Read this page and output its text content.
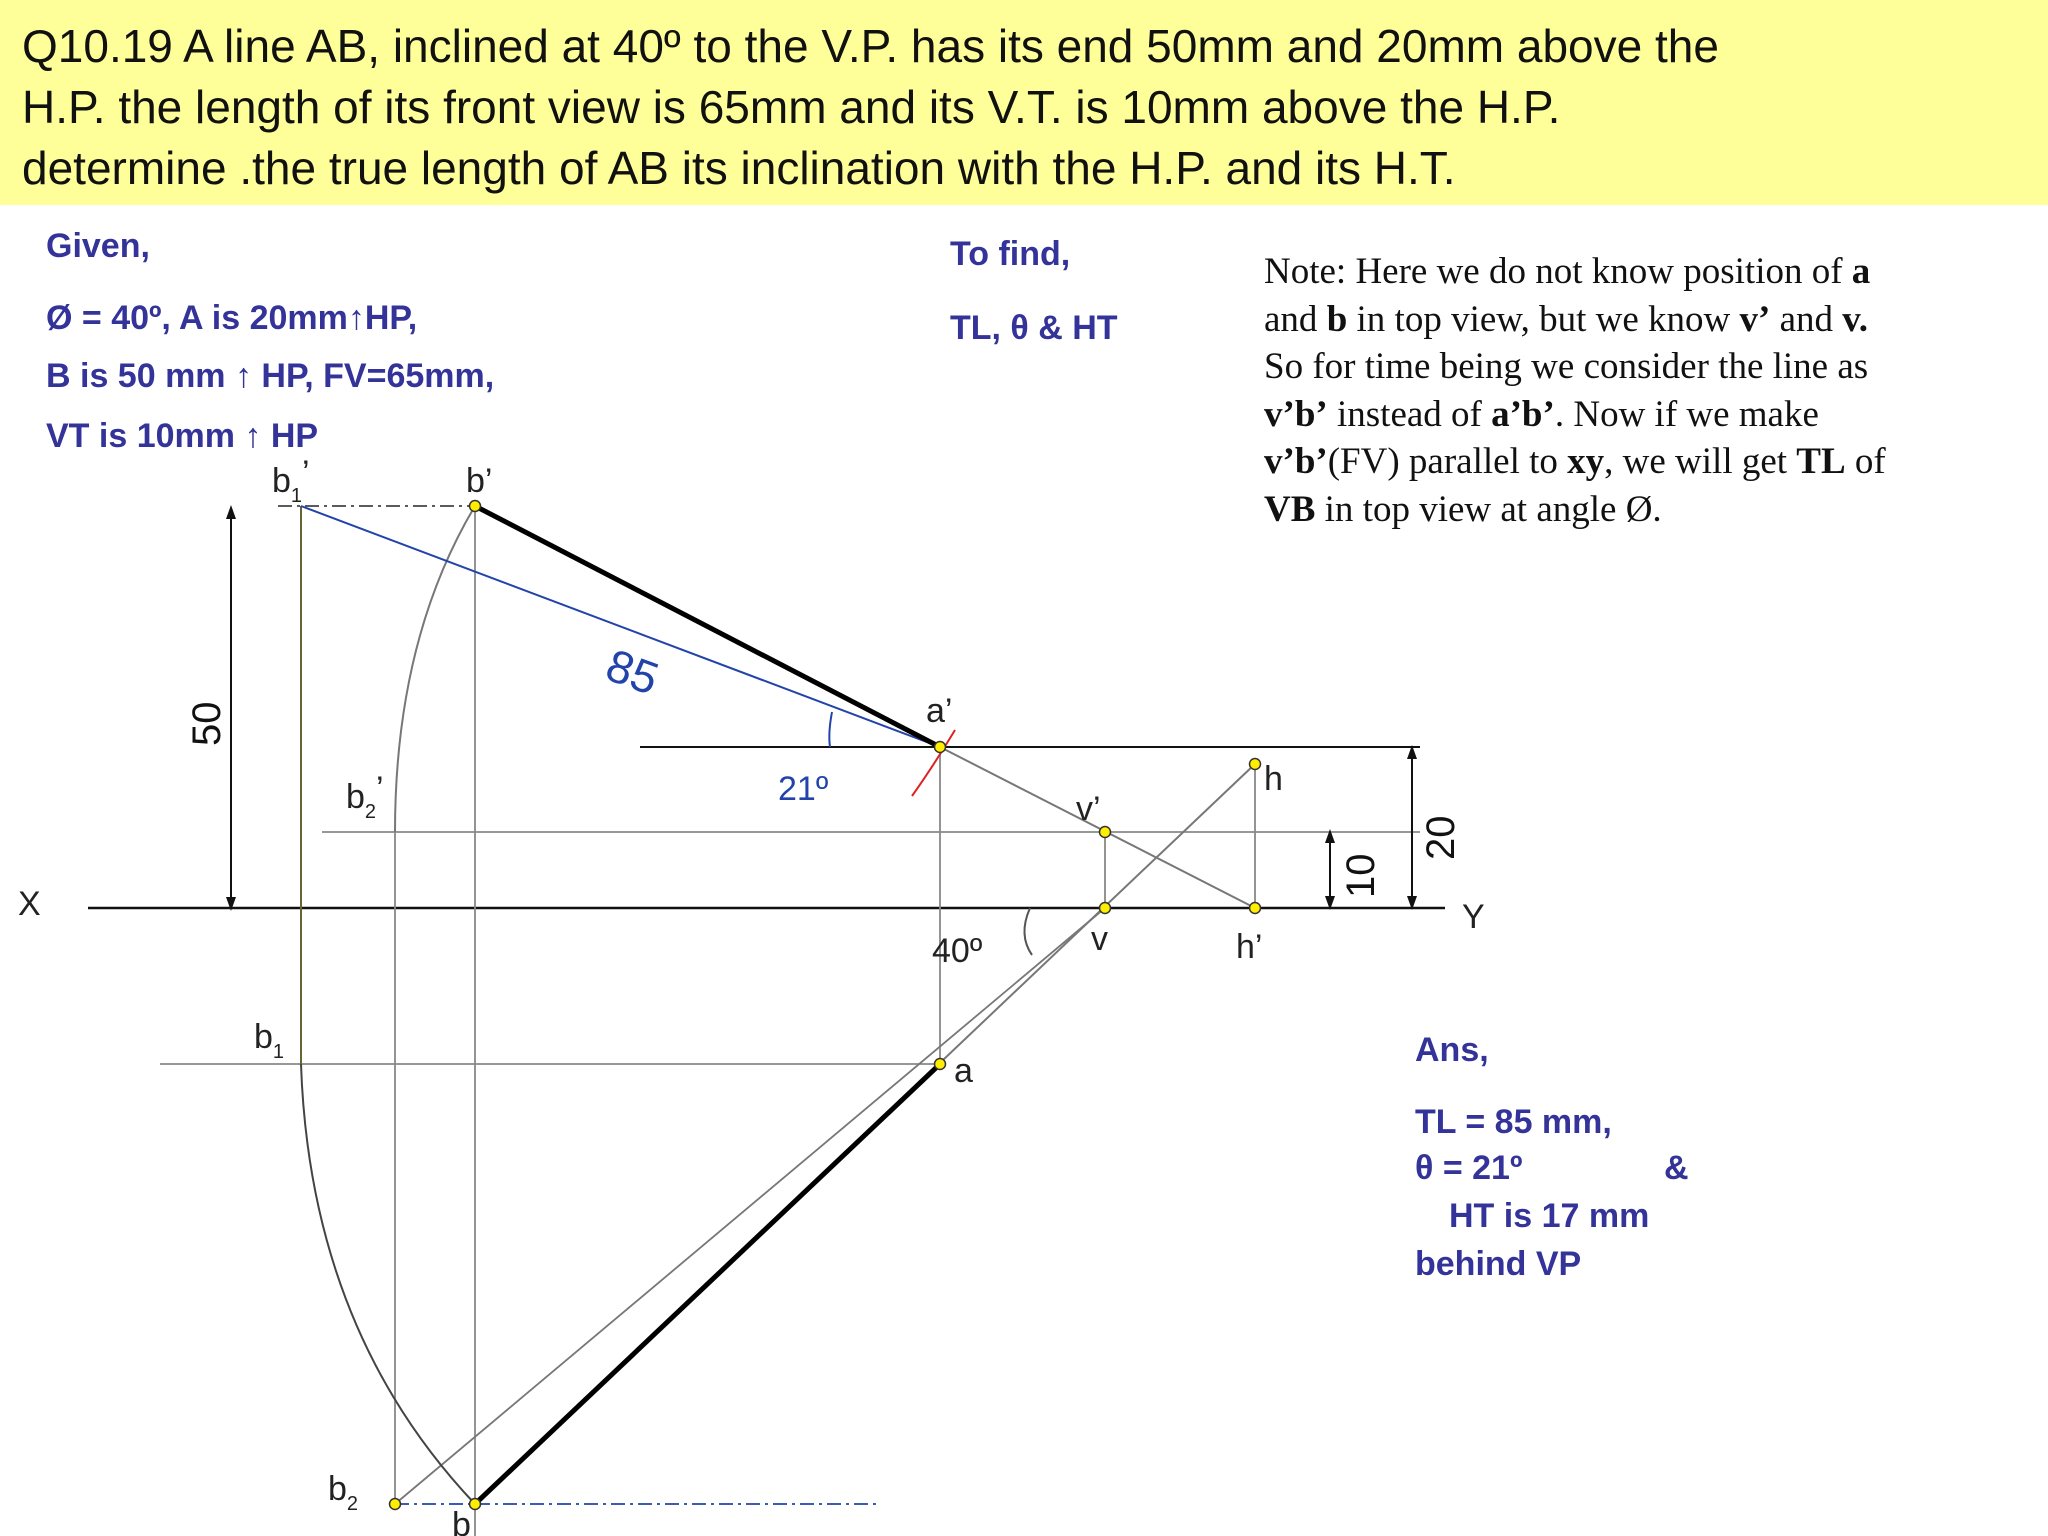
Q10.19 A line AB, inclined at 40º to the V.P. has its end 50mm and 20mm above the
H.P. the length of its front view is 65mm and its V.T. is 10mm above the H.P.
determine .the true length of AB its inclination with the H.P. and its H.T.
Given,
Ø = 40º, A is 20mm↑HP,
B is 50 mm ↑ HP, FV=65mm,
VT is 10mm ↑ HP
To find,
TL, θ & HT
Note: Here we do not know position of a
and b in top view, but we know v’ and v.
So for time being we consider the line as
v’b’ instead of a’b’. Now if we make
v’b’(FV) parallel to xy, we will get TL of
VB in top view at angle Ø.
Ans,
TL = 85 mm,
θ = 21º	&
HT is 17 mm
behind VP
X	Y
$b_1$’	b’
a’
$b_2$’
v’
v
h
h’
a
$b_1$
$b_2$
b
85
21º
40º
50
20
10
